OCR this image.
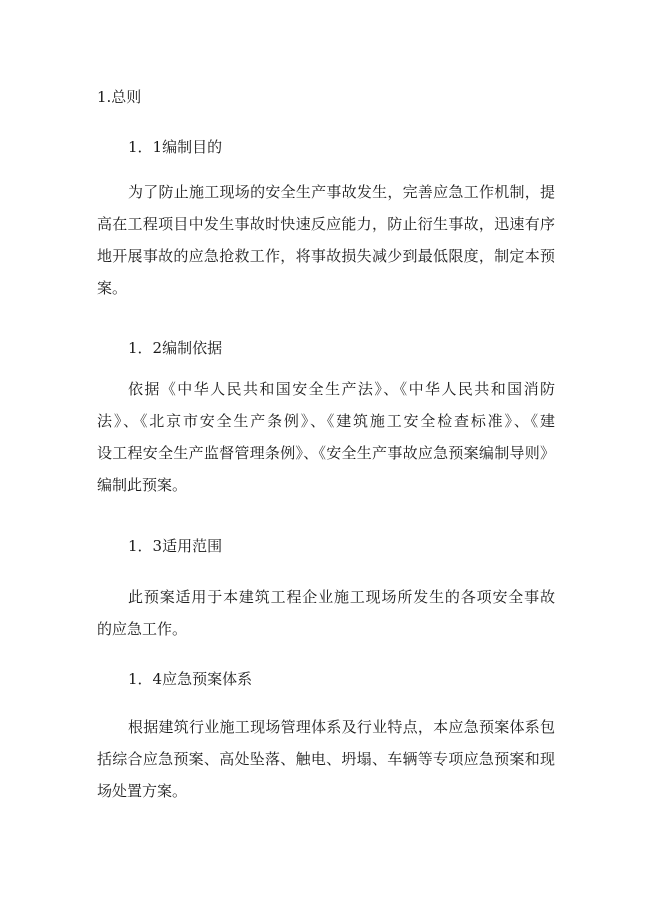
1.总则
1．1编制目的
为了防止施工现场的安全生产事故发生，完善应急工作机制，提
高在工程项目中发生事故时快速反应能力，防止衍生事故，迅速有序
地开展事故的应急抢救工作，将事故损失减少到最低限度，制定本预
案。
1．2编制依据
依据《中华人民共和国安全生产法》、《中华人民共和国消防
法》、《北京市安全生产条例》、《建筑施工安全检查标准》、《建
设工程安全生产监督管理条例》、《安全生产事故应急预案编制导则》
编制此预案。
1．3适用范围
此预案适用于本建筑工程企业施工现场所发生的各项安全事故
的应急工作。
1．4应急预案体系
根据建筑行业施工现场管理体系及行业特点，本应急预案体系包
括综合应急预案、高处坠落、触电、坍塌、车辆等专项应急预案和现
场处置方案。
